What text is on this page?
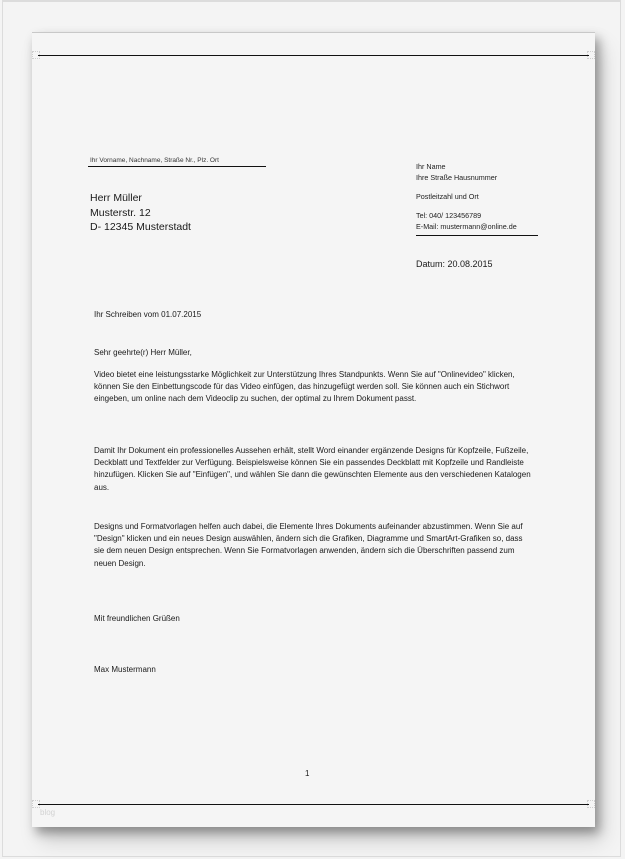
Ihr Vorname, Nachname, Straße Nr., Plz. Ort
Herr Müller
Musterstr. 12
D- 12345 Musterstadt
Ihr Name
Ihre Straße Hausnummer
Postleitzahl und Ort
Tel: 040/ 123456789
E-Mail: mustermann@online.de
Datum: 20.08.2015
Ihr Schreiben vom 01.07.2015
Sehr geehrte(r) Herr Müller,

Video bietet eine leistungsstarke Möglichkeit zur Unterstützung Ihres Standpunkts. Wenn Sie auf "Onlinevideo" klicken, können Sie den Einbettungscode für das Video einfügen, das hinzugefügt werden soll. Sie können auch ein Stichwort eingeben, um online nach dem Videoclip zu suchen, der optimal zu Ihrem Dokument passt.

Damit Ihr Dokument ein professionelles Aussehen erhält, stellt Word einander ergänzende Designs für Kopfzeile, Fußzeile, Deckblatt und Textfelder zur Verfügung. Beispielsweise können Sie ein passendes Deckblatt mit Kopfzeile und Randleiste hinzufügen. Klicken Sie auf "Einfügen", und wählen Sie dann die gewünschten Elemente aus den verschiedenen Katalogen aus.

Designs und Formatvorlagen helfen auch dabei, die Elemente Ihres Dokuments aufeinander abzustimmen. Wenn Sie auf "Design" klicken und ein neues Design auswählen, ändern sich die Grafiken, Diagramme und SmartArt-Grafiken so, dass sie dem neuen Design entsprechen. Wenn Sie Formatvorlagen anwenden, ändern sich die Überschriften passend zum neuen Design.

Mit freundlichen Grüßen
Max Mustermann
1
blog
